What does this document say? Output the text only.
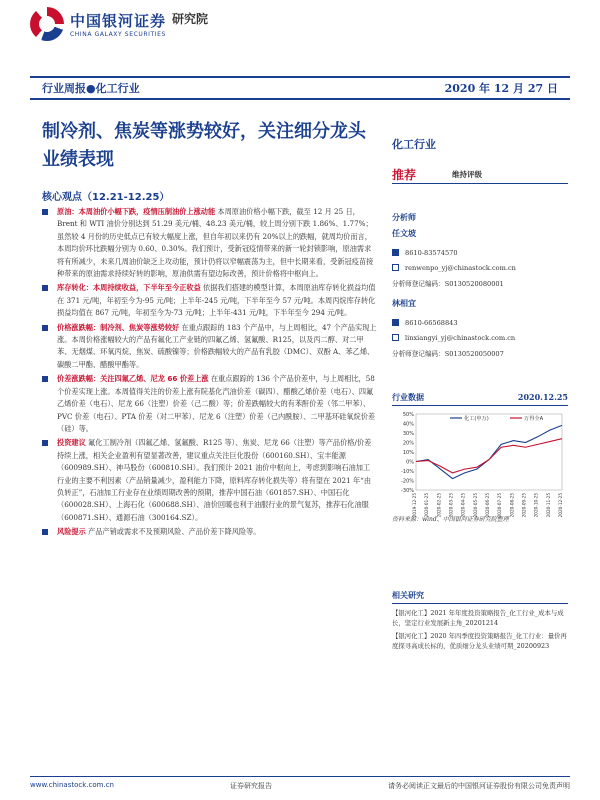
中国银河证券
CHINA GALAXY SECURITIES
研究院
行业周报●化工行业	2020 年 12 月 27 日
制冷剂、焦炭等涨势较好，关注细分龙头业绩表现
核心观点（12.21-12.25）
原油：本周油价小幅下跌，疫情压制油价上涨动能 本周原油价格小幅下跌，截至 12 月 25 日，Brent 和 WTI 油价分别达到 51.29 美元/桶、48.23 美元/桶，较上周分别下跌 1.86%、1.77%；虽然较 4 月份的历史低点已有较大幅度上涨，但自年初以来仍有 20%以上的跌幅，就周均价而言，本周均价环比跌幅分别为 0.60、0.30%。我们预计，受新冠疫情带来的新一轮封锁影响，原油需求将有所减少，未来几周油价缺乏上攻动能，预计仍将以窄幅震荡为主，但中长期来看，受新冠疫苗接种带来的原油需求持续好转的影响，原油供需有望边际改善，预计价格将中枢向上。
库存转化：本周持续收益，下半年至今正收益 依据我们搭建的模型计算，本周原油库存转化损益均值在 371 元/吨，年初至今为-95 元/吨；上半年-245 元/吨，下半年至今 57 元/吨。本周丙烷库存转化损益均值在 867 元/吨，年初至今为-73 元/吨；上半年-431 元/吨，下半年至今 294 元/吨。
价格涨跌幅：制冷剂、焦炭等涨势较好 在重点跟踪的 183 个产品中，与上周相比，47 个产品实现上涨。本周价格涨幅较大的产品有氟化工产业链的四氟乙烯、氢氟酸、R125，以及丙二醇、对二甲苯、无烟煤、环氧丙烷、焦炭、硫酸镍等；价格跌幅较大的产品有乳胶（DMC）、双酚 A、苯乙烯、碳酸二甲酯、醋酸甲酯等。
价差涨跌幅：关注四氟乙烯、尼龙 66 价差上涨 在重点跟踪的 136 个产品价差中，与上周相比，58 个价差实现上涨。本周值得关注的价差上涨有院基化汽油价差（碳四）、醋酸乙烯价差（电石）、四氟乙烯价差（电石）、尼龙 66（注塑）价差（己二酸）等；价差跌幅较大的有苯酐价差（邻二甲苯）、PVC 价差（电石）、PTA 价差（对二甲苯）、尼龙 6（注塑）价差（己内酰胺）、二甲基环硅氧烷价差（硅）等。
投资建议 氟化工制冷剂（四氟乙烯、氢氟酸、R125 等）、焦炭、尼龙 66（注塑）等产品价格/价差持续上涨，相关企业盈利有望显著改善，建议重点关注巨化股份（600160.SH）、宝丰能源（600989.SH）、神马股份（600810.SH）。我们预计 2021 油价中枢向上，考虑到影响石油加工行业的主要不利因素（产品销量减少，盈利能力下降，原料库存转化损失等）将有望在 2021 年“由负转正”，石油加工行业存在业绩周期改善的预期，推荐中国石油（601857.SH）、中国石化（600028.SH）、上海石化（600688.SH）、油价回暖也利于油服行业的景气复苏，推荐石化油服（600871.SH）、通源石油（300164.SZ）。
风险提示 产品产销或需求不及预期风险、产品价差下降风险等。
化工行业
推荐	维持评级
分析师
任文坡
8610-83574570
renwenpo_yj@chinastock.com.cn
分析师登记编码：S0130520080001
林相宜
8610-66568843
linxiangyi_yj@chinastock.com.cn
分析师登记编码：S0130520050007
行业数据	2020.12.25
50%
40%
30%
20%
10%
0%
-10%
-20%
-30%
2019-12-25 2020-01-25 2020-02-25 2020-03-25 2020-04-25 2020-05-25 2020-06-25 2020-07-25 2020-08-25 2020-09-25 2020-10-25 2020-11-25 2020-12-25
化工(申万)	万得全A
资料来源：wind、中国银河证券研究院整理
相关研究
【银河化工】2021 年年度投资策略报告_化工行业_成本与成长，坚定行业发展新主角_20201214
【银河化工】2020 年四季度投资策略报告_化工行业：量价再度探寻高成长标的，优质细分龙头业绩可期_20200923
www.chinastock.com.cn	证券研究报告	请务必阅读正文最后的中国银河证券股份有限公司免责声明
